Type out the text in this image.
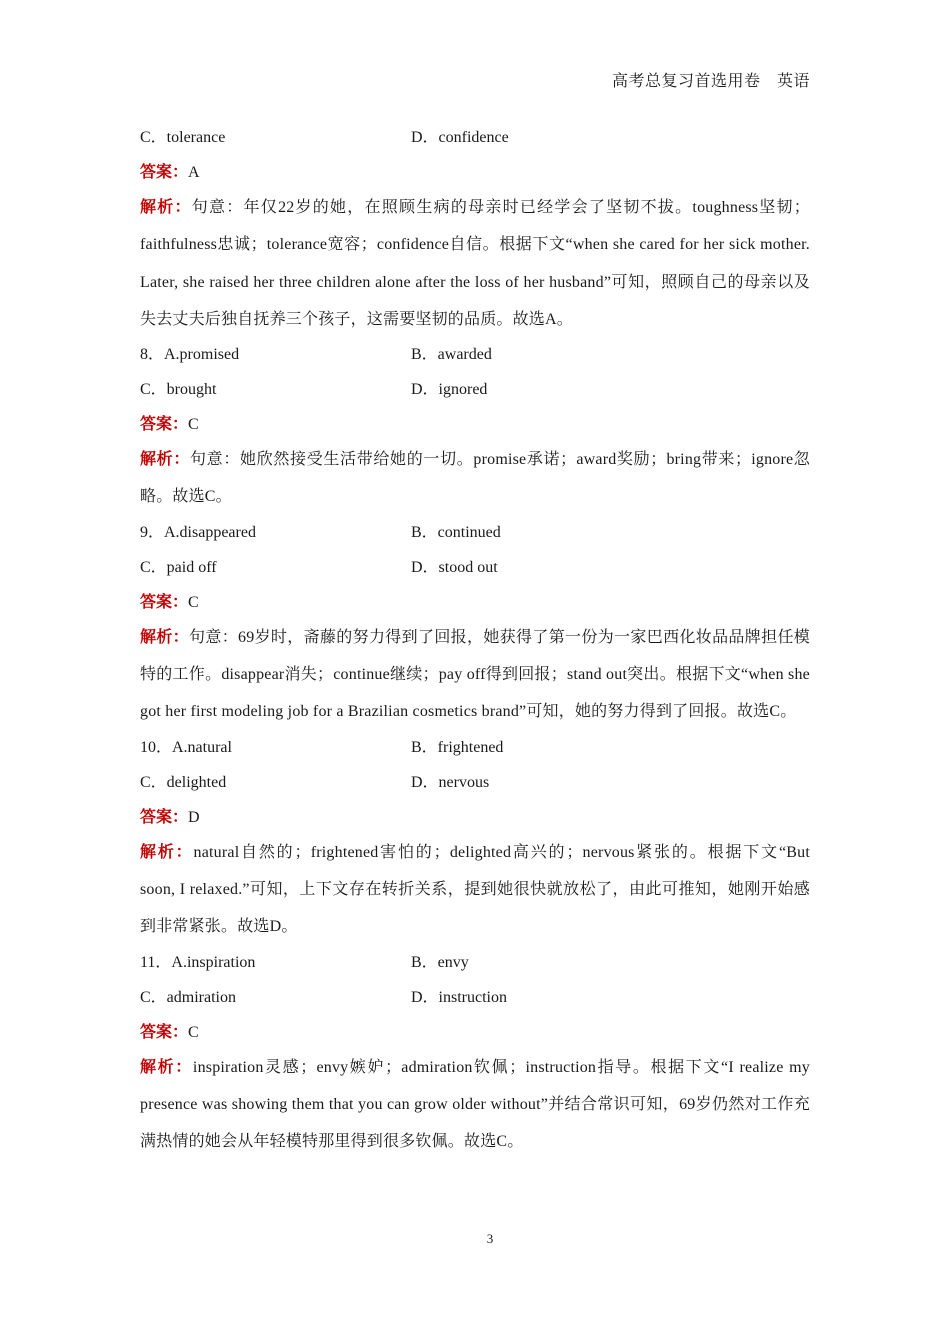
高考总复习首选用卷　英语
C．tolerance	D．confidence
答案：A
解析：句意：年仅22岁的她，在照顾生病的母亲时已经学会了坚韧不拔。toughness坚韧；faithfulness忠诚；tolerance宽容；confidence自信。根据下文“when she cared for her sick mother. Later, she raised her three children alone after the loss of her husband”可知，照顾自己的母亲以及失去丈夫后独自抚养三个孩子，这需要坚韧的品质。故选A。
8．A.promised	B．awarded
C．brought	D．ignored
答案：C
解析：句意：她欣然接受生活带给她的一切。promise承诺；award奖励；bring带来；ignore忽略。故选C。
9．A.disappeared	B．continued
C．paid off	D．stood out
答案：C
解析：句意：69岁时，斋藤的努力得到了回报，她获得了第一份为一家巴西化妆品品牌担任模特的工作。disappear消失；continue继续；pay off得到回报；stand out突出。根据下文“when she got her first modeling job for a Brazilian cosmetics brand”可知，她的努力得到了回报。故选C。
10．A.natural	B．frightened
C．delighted	D．nervous
答案：D
解析：natural自然的；frightened害怕的；delighted高兴的；nervous紧张的。根据下文“But soon, I relaxed.”可知，上下文存在转折关系，提到她很快就放松了，由此可推知，她刚开始感到非常紧张。故选D。
11．A.inspiration	B．envy
C．admiration	D．instruction
答案：C
解析：inspiration灵感；envy嫉妒；admiration钦佩；instruction指导。根据下文“I realize my presence was showing them that you can grow older without”并结合常识可知，69岁仍然对工作充满热情的她会从年轻模特那里得到很多钦佩。故选C。
3
